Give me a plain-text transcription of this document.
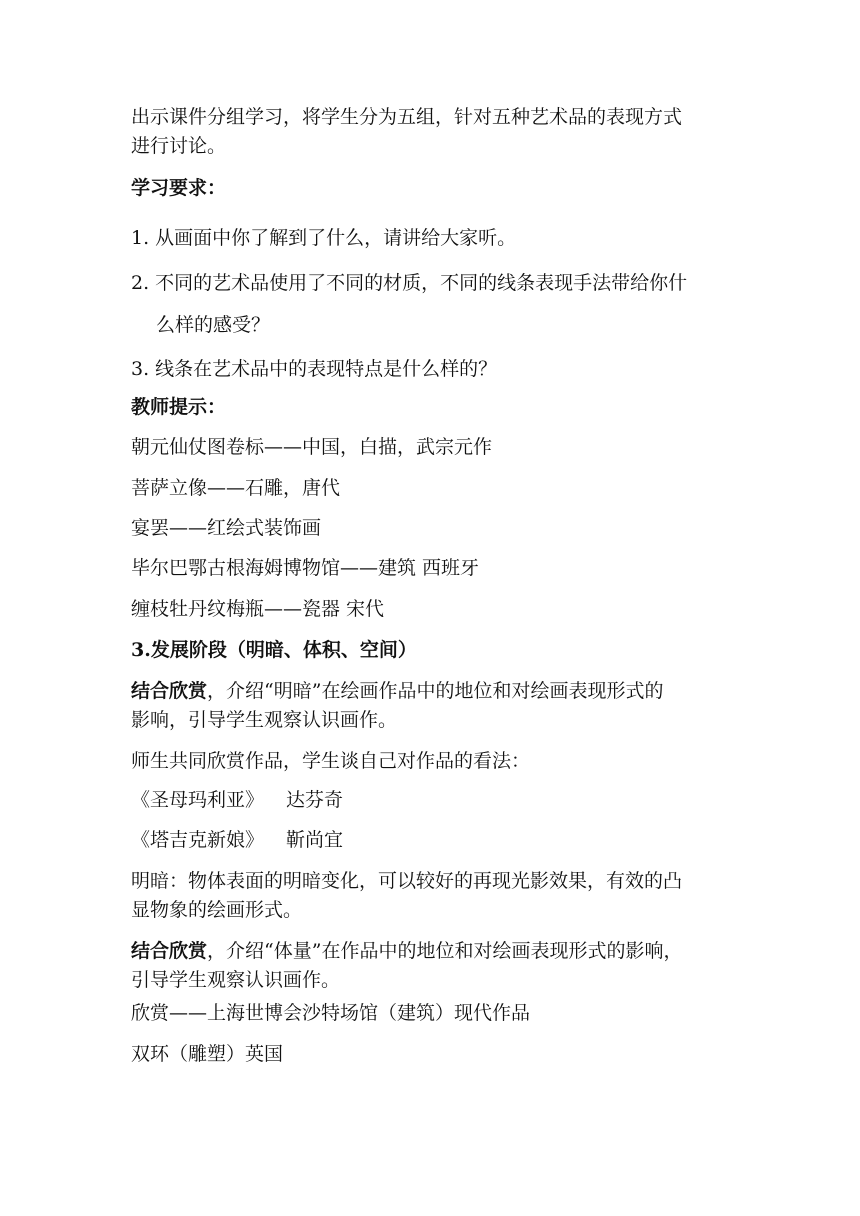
出示课件分组学习，将学生分为五组，针对五种艺术品的表现方式
进行讨论。
学习要求：
1. 从画面中你了解到了什么，请讲给大家听。
2. 不同的艺术品使用了不同的材质，不同的线条表现手法带给你什
么样的感受？
3. 线条在艺术品中的表现特点是什么样的？
教师提示：
朝元仙仗图卷标——中国，白描，武宗元作
菩萨立像——石雕，唐代
宴罢——红绘式装饰画
毕尔巴鄂古根海姆博物馆——建筑 西班牙
缠枝牡丹纹梅瓶——瓷器 宋代
3.发展阶段（明暗、体积、空间）
结合欣赏，介绍“明暗”在绘画作品中的地位和对绘画表现形式的
影响，引导学生观察认识画作。
师生共同欣赏作品，学生谈自己对作品的看法：
《圣母玛利亚》 达芬奇
《塔吉克新娘》 靳尚宜
明暗：物体表面的明暗变化，可以较好的再现光影效果，有效的凸
显物象的绘画形式。
结合欣赏，介绍“体量”在作品中的地位和对绘画表现形式的影响，
引导学生观察认识画作。
欣赏——上海世博会沙特场馆（建筑）现代作品
双环（雕塑）英国
